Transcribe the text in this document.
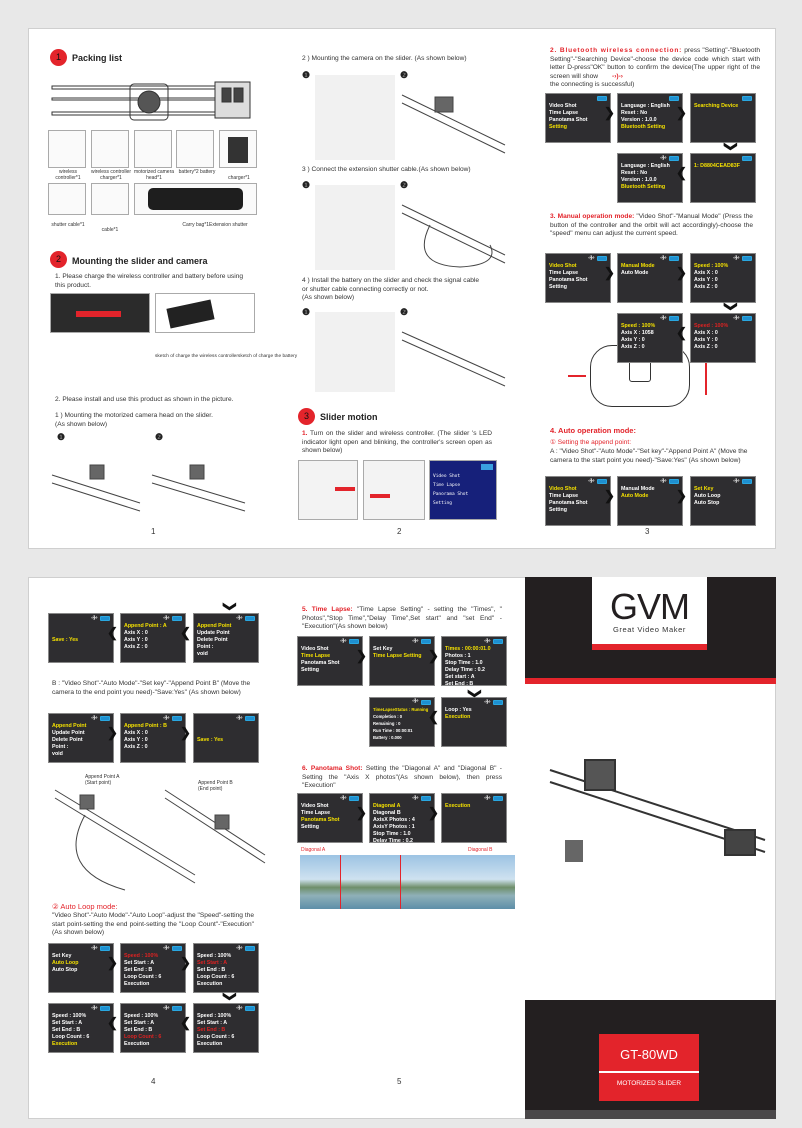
1	Packing list
wireless controller*1
wireless controller charger*1
motorized camera head*1
battery*2 battery
charger*1
shutter cable*1
cable*1
Carry bag*1Extension shutter
2	Mounting the slider and camera
1. Please charge the wireless controller and battery before using this product.
sketch of charge the wireless controllersketch of charge the battery
2. Please install and use this product as shown in the picture.
1 ) Mounting the motorized camera head on the slider.
(As shown below)
❶	❷
1
2 ) Mounting the camera on the slider. (As shown below)
❶	❷
3 ) Connect the extension shutter cable.(As shown below)
❶	❷
4 ) Install the battery on the slider and check the signal cable or shutter cable connecting correctly or not.
(As shown below)
❶	❷
3	Slider motion
1. Turn on the slider and wireless controller. (The slider 's LED indicator light open and blinking, the controller's screen open as shown below)
Video Shot
Time Lapse
Panorama Shot
Setting
2
2. Bluetooth wireless connection: press "Setting"-"Bluetooth Setting"-"Searching Device"-choose the device code which start with letter D-press"OK" button to confirm the device(The upper right of the screen will show -›)-›
the connecting is successful)
3. Manual operation mode: "Video Shot"-"Manual Mode" (Press the button of the controller and the orbit will act accordingly)-choose the "speed" menu can adjust the current speed.
4. Auto operation mode:
① Setting the append point:
A : "Video Shot"-"Auto Mode"-"Set key"-"Append Point A" (Move the camera to the start point you need)-"Save:Yes" (As shown below)
3
B : "Video Shot"-"Auto Mode"-"Set key"-"Append Point B" (Move the camera to the end point you need)-"Save:Yes" (As shown below)
Append Point A
(Start point)	Append Point B
(End point)
② Auto Loop mode:
"Video Shot"-"Auto Mode"-"Auto Loop"-adjust the "Speed"-setting the start point-setting the end point-setting the "Loop Count"-"Execution"(As shown below)
4
5. Time Lapse: "Time Lapse Setting" - setting the "Times", " Photos","Stop Time","Delay Time",Set start" and "set End" -"Execution"(As shown below)
6. Panotama Shot: Setting the "Diagonal A" and "Diagonal B" - Setting the "Axis X photos"(As shown below), then press "Execution"
Diagonal A	Diagonal B
5
GVM
Great Video Maker
GT-80WD
MOTORIZED SLIDER
Video Shot
Time Lapse
Panotama Shot
Setting
Language : English
Reset : No
Version : 1.0.0
Bluetooth Setting
Searching Device
-›)-›
Language : English
Reset : No
Version : 1.0.0
Bluetooth Setting
1: D8804CEAD83F
-›)-›
Video Shot
Time Lapse
Panotama Shot
Setting
-›)-›
Manual Mode
Auto Mode
-›)-›
Speed : 100%
Axis X : 0
Axis Y : 0
Axis Z : 0
-›)-›
Speed : 100%
Axis X : 1058
Axis Y : 0
Axis Z : 0
-›)-›
Speed : 100%
Axis X : 0
Axis Y : 0
Axis Z : 0
-›)-›
Video Shot
Time Lapse
Panotama Shot
Setting
-›)-›
Manual Mode
Auto Mode
-›)-›
Set Key
Auto Loop
Auto Stop
-›)-›
Save : Yes
-›)-›
Append Point : A
Axis X : 0
Axis Y : 0
Axis Z : 0
-›)-›
Append Point
Update Point
Delete Point
Point :
void
-›)-›
Append Point
Update Point
Delete Point
Point :
void
-›)-›
Append Point : B
Axis X : 0
Axis Y : 0
Axis Z : 0
-›)-›
Save : Yes
-›)-›
Set Key
Auto Loop
Auto Stop
-›)-›
Speed : 100%
Set Start : A
Set End : B
Loop Count : 6
Execution
-›)-›
Speed : 100%
Set Start : A
Set End : B
Loop Count : 6
Execution
-›)-›
Speed : 100%
Set Start : A
Set End : B
Loop Count : 6
Execution
-›)-›
Speed : 100%
Set Start : A
Set End : B
Loop Count : 6
Execution
-›)-›
Speed : 100%
Set Start : A
Set End : B
Loop Count : 6
Execution
-›)-›
Video Shot
Time Lapse
Panotama Shot
Setting
-›)-›
Set Key
Time Lapse Setting
-›)-›
Times : 00:00:01.0
Photos : 1
Stop Time : 1.0
Delay Time : 0.2
Set start : A
Set End : B
-›)-›
TimeLapseStatus : Running
Completion : 0
Remaining : 0
Run Time : 00:00:01
Battery : 0.000
-›)-›
Loop : Yes
Execution
-›)-›
Video Shot
Time Lapse
Panotama Shot
Setting
-›)-›
Diagonal A
Diagonal B
AxisX Photos : 4
AxisY Photos : 1
Stop Time : 1.0
Delay Time : 0.2
-›)-›
Execution
❯	❯
❮
❯
❯	❯
❮
❯
❯	❯
❯
❮	❮
❯	❯
❯	❯
❯
❮	❮
❯	❯
❯
❮
❯	❯
